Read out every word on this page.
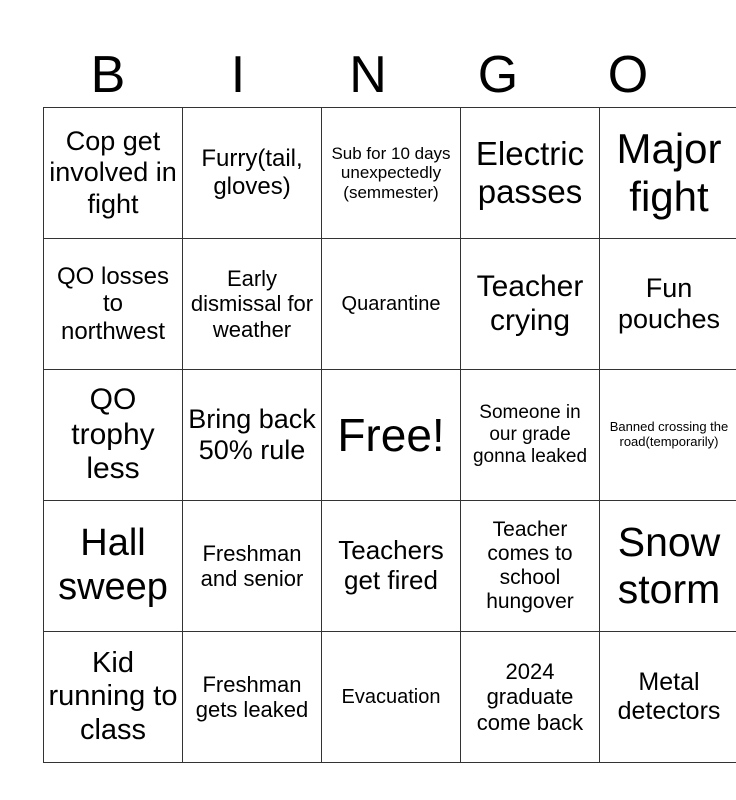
B	I	N	G	O
Cop get involved in fight	Furry(tail, gloves)	Sub for 10 days unexpectedly (semmester)	Electric passes	Major fight

QO losses to northwest	Early dismissal for weather	Quarantine	Teacher crying	Fun pouches

QO trophy less	Bring back 50% rule	Free!	Someone in our grade gonna leaked	Banned crossing the road(temporarily)

Hall sweep	Freshman and senior	Teachers get fired	Teacher comes to school hungover	Snow storm

Kid running to class	Freshman gets leaked	Evacuation	2024 graduate come back	Metal detectors
